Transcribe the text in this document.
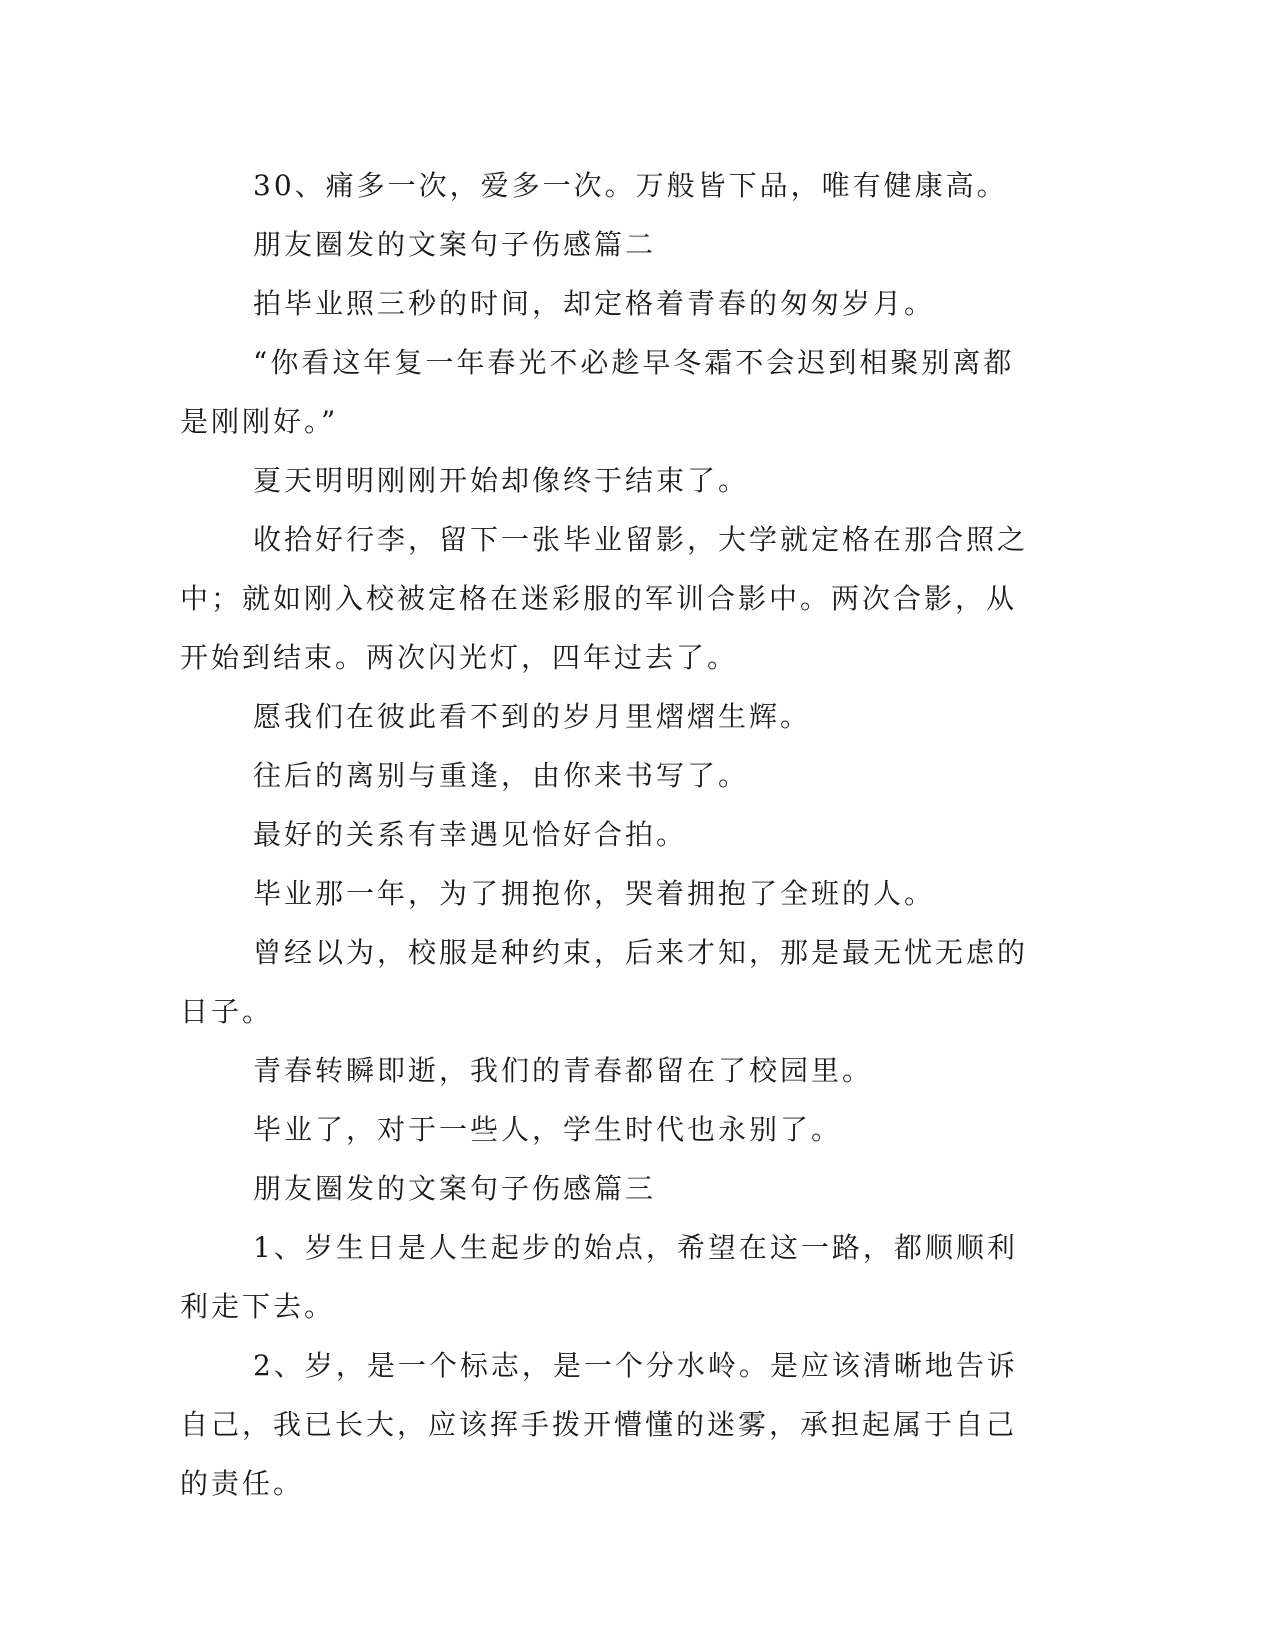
30、痛多一次，爱多一次。万般皆下品，唯有健康高。

朋友圈发的文案句子伤感篇二

拍毕业照三秒的时间，却定格着青春的匆匆岁月。

“你看这年复一年春光不必趁早冬霜不会迟到相聚别离都是刚刚好。”

夏天明明刚刚开始却像终于结束了。

收拾好行李，留下一张毕业留影，大学就定格在那合照之中；就如刚入校被定格在迷彩服的军训合影中。两次合影，从开始到结束。两次闪光灯，四年过去了。

愿我们在彼此看不到的岁月里熠熠生辉。

往后的离别与重逢，由你来书写了。

最好的关系有幸遇见恰好合拍。

毕业那一年，为了拥抱你，哭着拥抱了全班的人。

曾经以为，校服是种约束，后来才知，那是最无忧无虑的日子。

青春转瞬即逝，我们的青春都留在了校园里。

毕业了，对于一些人，学生时代也永别了。

朋友圈发的文案句子伤感篇三

1、岁生日是人生起步的始点，希望在这一路，都顺顺利利走下去。

2、岁，是一个标志，是一个分水岭。是应该清晰地告诉自己，我已长大，应该挥手拨开懵懂的迷雾，承担起属于自己的责任。
